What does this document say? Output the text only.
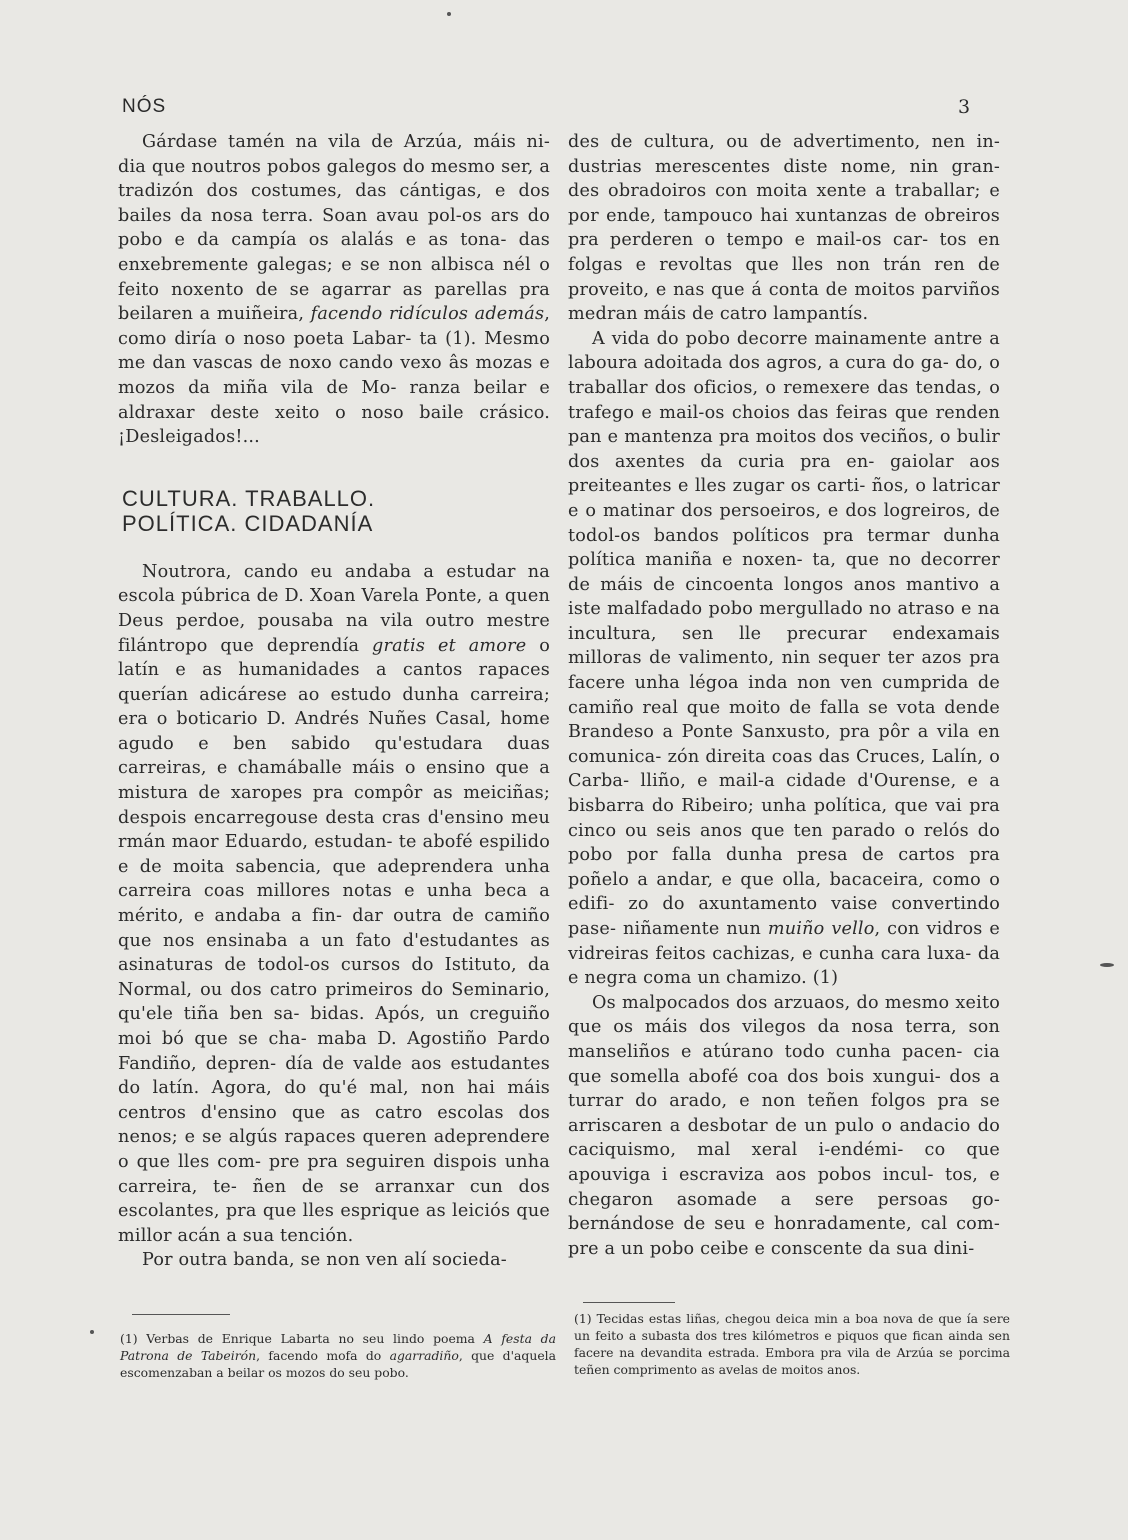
NÓS	3

Gárdase tamén na vila de Arzúa, máis ni- dia que noutros pobos galegos do mesmo ser, a tradizón dos costumes, das cántigas, e dos bailes da nosa terra. Soan avau pol-os ars do pobo e da campía os alalás e as tona- das enxebremente galegas; e se non albisca nél o feito noxento de se agarrar as parellas pra beilaren a muiñeira, facendo ridículos además, como diría o noso poeta Labar- ta (1). Mesmo me dan vascas de noxo cando vexo âs mozas e mozos da miña vila de Mo- ranza beilar e aldraxar deste xeito o noso baile crásico. ¡Desleigados!...

CULTURA. TRABALLO.
POLÍTICA. CIDADANÍA

Noutrora, cando eu andaba a estudar na escola púbrica de D. Xoan Varela Ponte, a quen Deus perdoe, pousaba na vila outro mestre filántropo que deprendía gratis et amore o latín e as humanidades a cantos rapaces querían adicárese ao estudo dunha carreira; era o boticario D. Andrés Nuñes Casal, home agudo e ben sabido qu'estudara duas carreiras, e chamáballe máis o ensino que a mistura de xaropes pra compôr as meiciñas; despois encarregouse desta cras d'ensino meu rmán maor Eduardo, estudan- te abofé espilido e de moita sabencia, que adeprendera unha carreira coas millores notas e unha beca a mérito, e andaba a fin- dar outra de camiño que nos ensinaba a un fato d'estudantes as asinaturas de todol-os cursos do Istituto, da Normal, ou dos catro primeiros do Seminario, qu'ele tiña ben sa- bidas. Após, un creguiño moi bó que se cha- maba D. Agostiño Pardo Fandiño, depren- día de valde aos estudantes do latín. Agora, do qu'é mal, non hai máis centros d'ensino que as catro escolas dos nenos; e se algús rapaces queren adeprendere o que lles com- pre pra seguiren dispois unha carreira, te- ñen de se arranxar cun dos escolantes, pra que lles esprique as leiciós que millor acán a sua tención.

Por outra banda, se non ven alí socieda-

des de cultura, ou de advertimento, nen in- dustrias merescentes diste nome, nin gran- des obradoiros con moita xente a traballar; e por ende, tampouco hai xuntanzas de obreiros pra perderen o tempo e mail-os car- tos en folgas e revoltas que lles non trán ren de proveito, e nas que á conta de moitos parviños medran máis de catro lampantís.

A vida do pobo decorre mainamente antre a laboura adoitada dos agros, a cura do ga- do, o traballar dos oficios, o remexere das tendas, o trafego e mail-os choios das feiras que renden pan e mantenza pra moitos dos veciños, o bulir dos axentes da curia pra en- gaiolar aos preiteantes e lles zugar os carti- ños, o latricar e o matinar dos persoeiros, e dos logreiros, de todol-os bandos políticos pra termar dunha política maniña e noxen- ta, que no decorrer de máis de cincoenta longos anos mantivo a iste malfadado pobo mergullado no atraso e na incultura, sen lle precurar endexamais milloras de valimento, nin sequer ter azos pra facere unha légoa inda non ven cumprida de camiño real que moito de falla se vota dende Brandeso a Ponte Sanxusto, pra pôr a vila en comunica- zón direita coas das Cruces, Lalín, o Carba- lliño, e mail-a cidade d'Ourense, e a bisbarra do Ribeiro; unha política, que vai pra cinco ou seis anos que ten parado o relós do pobo por falla dunha presa de cartos pra poñelo a andar, e que olla, bacaceira, como o edifi- zo do axuntamento vaise convertindo pase- niñamente nun muiño vello, con vidros e vidreiras feitos cachizas, e cunha cara luxa- da e negra coma un chamizo. (1)

Os malpocados dos arzuaos, do mesmo xeito que os máis dos vilegos da nosa terra, son manseliños e atúrano todo cunha pacen- cia que somella abofé coa dos bois xungui- dos a turrar do arado, e non teñen folgos pra se arriscaren a desbotar de un pulo o andacio do caciquismo, mal xeral i-endémi- co que apouviga i escraviza aos pobos incul- tos, e chegaron asomade a sere persoas go- bernándose de seu e honradamente, cal com- pre a un pobo ceibe e conscente da sua dini-

(1) Verbas de Enrique Labarta no seu lindo poema A festa da Patrona de Tabeirón, facendo mofa do agarradiño, que d'aquela escomenzaban a beilar os mozos do seu pobo.
(1) Tecidas estas liñas, chegou deica min a boa nova de que ía sere un feito a subasta dos tres kilómetros e piquos que fican ainda sen facere na devandita estrada. Embora pra vila de Arzúa se porcima teñen comprimento as avelas de moitos anos.
